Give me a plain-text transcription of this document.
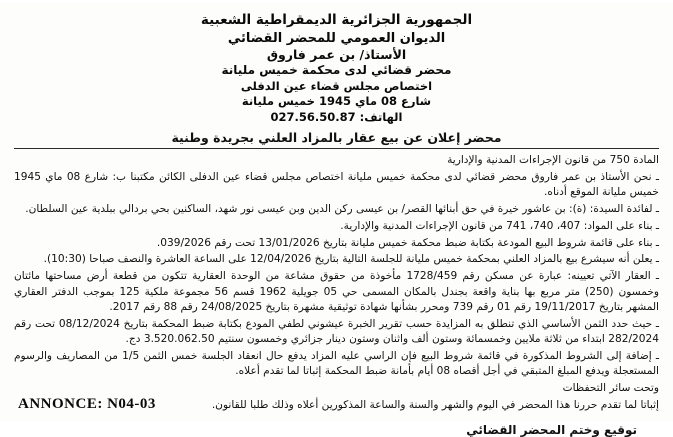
الجمهورية الجزائرية الديمقراطية الشعبية
الديوان العمومي للمحضر القضائي
الأستاذ/ بن عمر فاروق
محضر قضائي لدى محكمة خميس مليانة
اختصاص مجلس قضاء عين الدفلى
شارع 08 ماي 1945 خميس مليانة
الهاتف: 027.56.50.87
محضر إعلان عن بيع عقار بالمزاد العلني بجريدة وطنية

المادة 750 من قانون الإجراءات المدنية والإدارية

ـ نحن الأستاذ بن عمر فاروق محضر قضائي لدى محكمة خميس مليانة اختصاص مجلس قضاء عين الدفلى الكائن مكتبنا ب: شارع 08 ماي 1945 خميس مليانة الموقع أدناه.

ـ لفائدة السيدة: (ة): بن عاشور خيرة في حق أبنائها القصر/ بن عيسى ركن الدين وبن عيسى نور شهد، الساكنين بحي بردالي ببلدية عين السلطان.

ـ بناء على المواد: 407، 740، 741 من قانون الإجراءات المدنية والإدارية.

ـ بناء على قائمة شروط البيع المودعة بكتابة ضبط محكمة خميس مليانة بتاريخ 13/01/2026 تحت رقم 039/2026.

ـ يعلن أنه سيشرع بيع بالمزاد العلني بمحكمة خميس مليانة للجلسة التالية بتاريخ 12/04/2026 على الساعة العاشرة والنصف صباحا (10:30).

ـ العقار الآتي تعيينه: عبارة عن مسكن رقم 1728/459 مأخوذة من حقوق مشاعة من الوحدة العقارية تتكون من قطعة أرض مساحتها مائتان وخمسون (250) متر مربع بها بناية واقعة بجندل بالمكان المسمى حي 05 جويلية 1962 قسم 56 مجموعة ملكية 125 بموجب الدفتر العقاري المشهر بتاريخ 19/11/2017 رقم 01 رقم 739 ومحرر بشأنها شهادة توثيقية مشهرة بتاريخ 24/08/2025 رقم 88 رقم 2017.

ـ حيث حدد الثمن الأساسي الذي تنطلق به المزايدة حسب تقرير الخبرة عيشوني لطفي المودع بكتابة ضبط المحكمة بتاريخ 08/12/2024 تحت رقم 282/2024 ابتداء من ثلاثة ملايين وخمسمائة وستون ألف واثنان وستون دينار جزائري وخمسون سنتيم 3.520.062.50 دج.

ـ إضافة إلى الشروط المذكورة في قائمة شروط البيع فإن الراسي عليه المزاد يدفع حال انعقاد الجلسة خمس الثمن 1/5 من المصاريف والرسوم المستعجلة ويدفع المبلغ المتبقي في أجل أقصاه 08 أيام بأمانة ضبط المحكمة إثباتا لما تقدم أعلاه.

وتحت سائر التحفظات

إثباتا لما تقدم حررنا هذا المحضر في اليوم والشهر والسنة والساعة المذكورين أعلاه وذلك طلبا للقانون.

توقيع وختم المحضر القضائي
ANNONCE: N04-03
